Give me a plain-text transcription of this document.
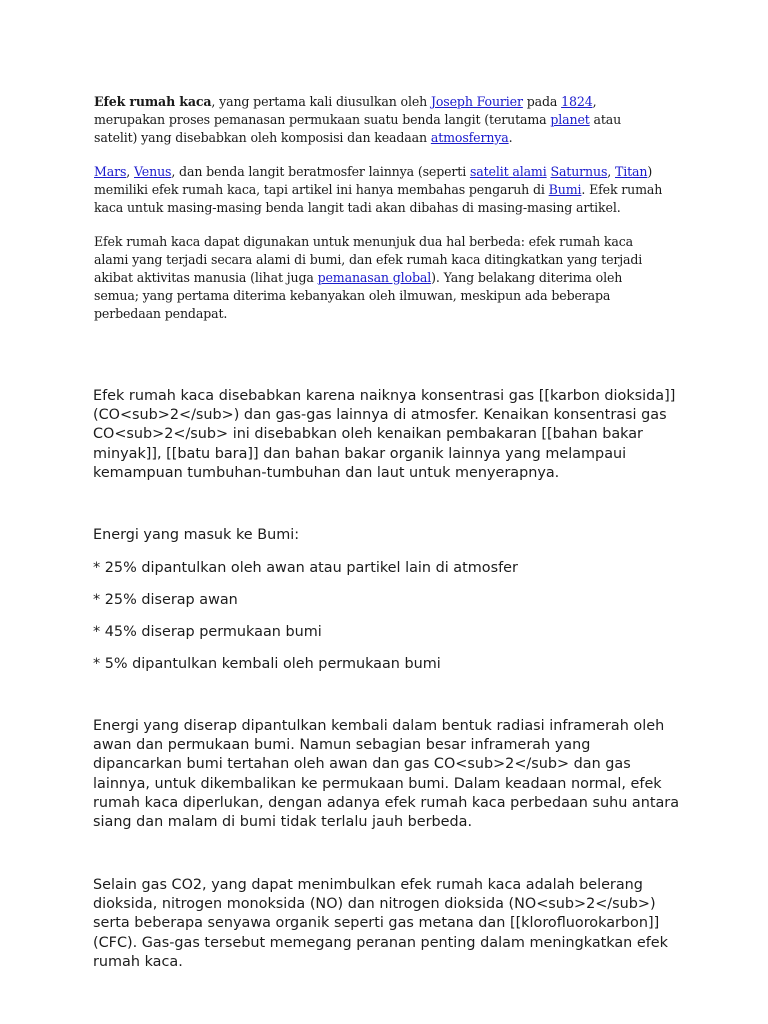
Efek rumah kaca, yang pertama kali diusulkan oleh Joseph Fourier pada 1824, merupakan proses pemanasan permukaan suatu benda langit (terutama planet atau satelit) yang disebabkan oleh komposisi dan keadaan atmosfernya.

Mars, Venus, dan benda langit beratmosfer lainnya (seperti satelit alami Saturnus, Titan) memiliki efek rumah kaca, tapi artikel ini hanya membahas pengaruh di Bumi. Efek rumah kaca untuk masing-masing benda langit tadi akan dibahas di masing-masing artikel.

Efek rumah kaca dapat digunakan untuk menunjuk dua hal berbeda: efek rumah kaca alami yang terjadi secara alami di bumi, dan efek rumah kaca ditingkatkan yang terjadi akibat aktivitas manusia (lihat juga pemanasan global). Yang belakang diterima oleh semua; yang pertama diterima kebanyakan oleh ilmuwan, meskipun ada beberapa perbedaan pendapat.

Efek rumah kaca disebabkan karena naiknya konsentrasi gas [[karbon dioksida]] (CO<sub>2</sub>) dan gas-gas lainnya di atmosfer. Kenaikan konsentrasi gas CO<sub>2</sub> ini disebabkan oleh kenaikan pembakaran [[bahan bakar minyak]], [[batu bara]] dan bahan bakar organik lainnya yang melampaui kemampuan tumbuhan-tumbuhan dan laut untuk menyerapnya.

Energi yang masuk ke Bumi:

* 25% dipantulkan oleh awan atau partikel lain di atmosfer

* 25% diserap awan

* 45% diserap permukaan bumi

* 5% dipantulkan kembali oleh permukaan bumi

Energi yang diserap dipantulkan kembali dalam bentuk radiasi inframerah oleh awan dan permukaan bumi. Namun sebagian besar inframerah yang dipancarkan bumi tertahan oleh awan dan gas CO<sub>2</sub> dan gas lainnya, untuk dikembalikan ke permukaan bumi. Dalam keadaan normal, efek rumah kaca diperlukan, dengan adanya efek rumah kaca perbedaan suhu antara siang dan malam di bumi tidak terlalu jauh berbeda.

Selain gas CO2, yang dapat menimbulkan efek rumah kaca adalah belerang dioksida, nitrogen monoksida (NO) dan nitrogen dioksida (NO<sub>2</sub>) serta beberapa senyawa organik seperti gas metana dan [[klorofluorokarbon]] (CFC). Gas-gas tersebut memegang peranan penting dalam meningkatkan efek rumah kaca.
